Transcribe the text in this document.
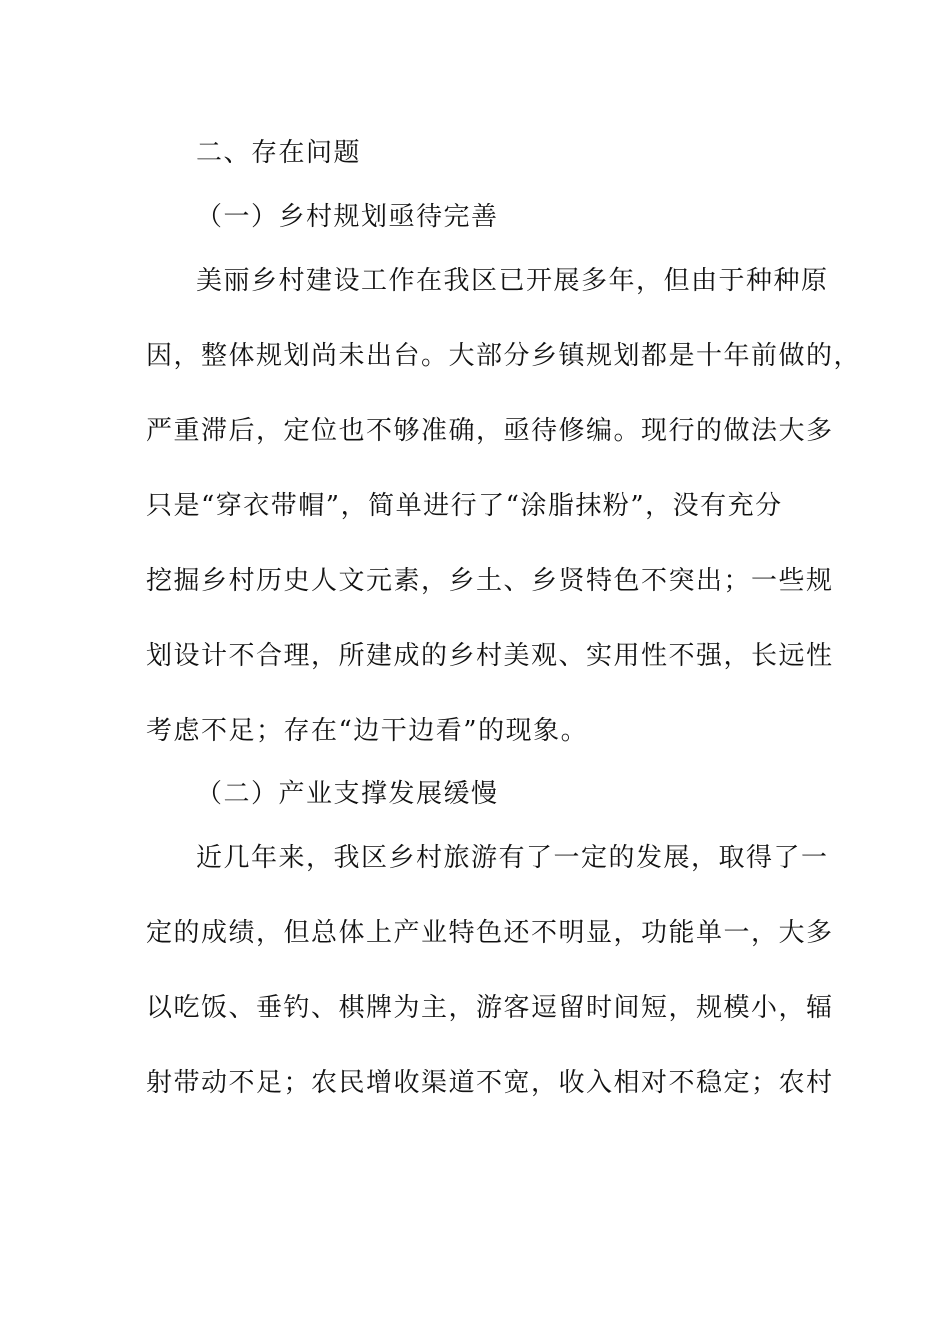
二、存在问题
（一）乡村规划亟待完善
美丽乡村建设工作在我区已开展多年，但由于种种原
因，整体规划尚未出台。大部分乡镇规划都是十年前做的，
严重滞后，定位也不够准确，亟待修编。现行的做法大多
只是“穿衣带帽”，简单进行了“涂脂抹粉”，没有充分
挖掘乡村历史人文元素，乡土、乡贤特色不突出；一些规
划设计不合理，所建成的乡村美观、实用性不强，长远性
考虑不足；存在“边干边看”的现象。
（二）产业支撑发展缓慢
近几年来，我区乡村旅游有了一定的发展，取得了一
定的成绩，但总体上产业特色还不明显，功能单一，大多
以吃饭、垂钓、棋牌为主，游客逗留时间短，规模小，辐
射带动不足；农民增收渠道不宽，收入相对不稳定；农村
